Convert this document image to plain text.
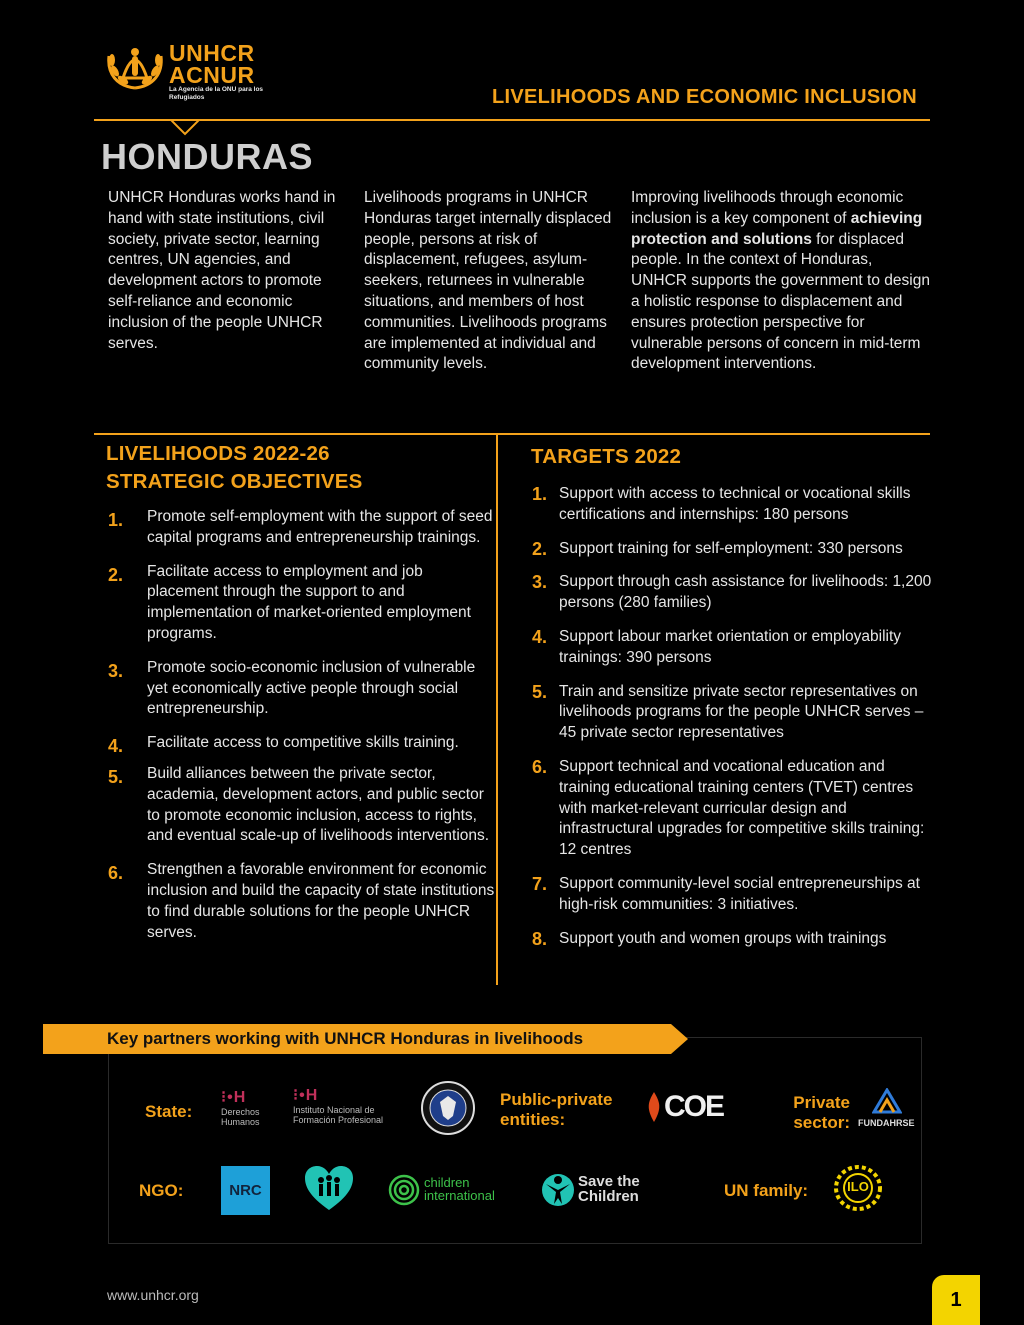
UNHCR
ACNUR
La Agencia de la ONU para los Refugiados	LIVELIHOODS AND ECONOMIC INCLUSION
HONDURAS
UNHCR Honduras works hand in hand with state institutions, civil society, private sector, learning centres, UN agencies, and development actors to promote self-reliance and economic inclusion of the people UNHCR serves.
Livelihoods programs in UNHCR Honduras target internally displaced people, persons at risk of displacement, refugees, asylum-seekers, returnees in vulnerable situations, and members of host communities. Livelihoods programs are implemented at individual and community levels.
Improving livelihoods through economic inclusion is a key component of achieving protection and solutions for displaced people. In the context of Honduras, UNHCR supports the government to design a holistic response to displacement and ensures protection perspective for vulnerable persons of concern in mid-term development interventions.
LIVELIHOODS 2022-26
STRATEGIC OBJECTIVES
1. Promote self-employment with the support of seed capital programs and entrepreneurship trainings.
2. Facilitate access to employment and job placement through the support to and implementation of market-oriented employment programs.
3. Promote socio-economic inclusion of vulnerable yet economically active people through social entrepreneurship.
4. Facilitate access to competitive skills training.
5. Build alliances between the private sector, academia, development actors, and public sector to promote economic inclusion, access to rights, and eventual scale-up of livelihoods interventions.
6. Strengthen a favorable environment for economic inclusion and build the capacity of state institutions to find durable solutions for the people UNHCR serves.
TARGETS 2022
1. Support with access to technical or vocational skills certifications and internships: 180 persons
2. Support training for self-employment: 330 persons
3. Support through cash assistance for livelihoods: 1,200 persons (280 families)
4. Support labour market orientation or employability trainings: 390 persons
5. Train and sensitize private sector representatives on livelihoods programs for the people UNHCR serves – 45 private sector representatives
6. Support technical and vocational education and training educational training centers (TVET) centres with market-relevant curricular design and infrastructural upgrades for competitive skills training: 12 centres
7. Support community-level social entrepreneurships at high-risk communities: 3 initiatives.
8. Support youth and women groups with trainings
Key partners working with UNHCR Honduras in livelihoods
State:
⁝•H
Derechos Humanos
⁝•H
Instituto Nacional de Formación Profesional
Public-private
entities:	COE	Private
sector: FUNDAHRSE
NGO:	NRC	children
international
Save the
Children	UN family:	ILO
www.unhcr.org	1
